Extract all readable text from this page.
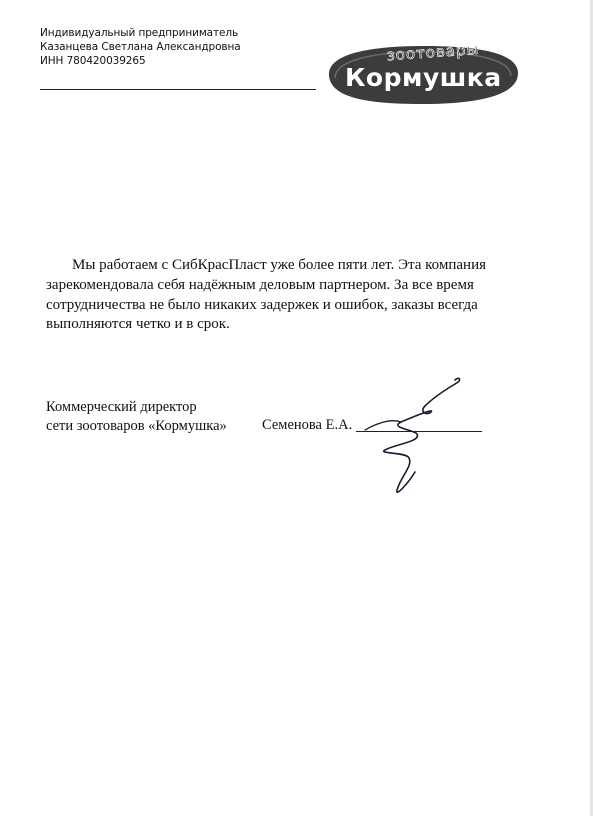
Индивидуальный предприниматель
Казанцева Светлана Александровна
ИНН 780420039265	зоотовары
Кормушка

Мы работаем с СибКрасПласт уже более пяти лет. Эта компания зарекомендовала себя надёжным деловым партнером. За все время сотрудничества не было никаких задержек и ошибок, заказы всегда выполняются четко и в срок.

Коммерческий директор
сети зоотоваров «Кормушка» Семенова Е.А.
